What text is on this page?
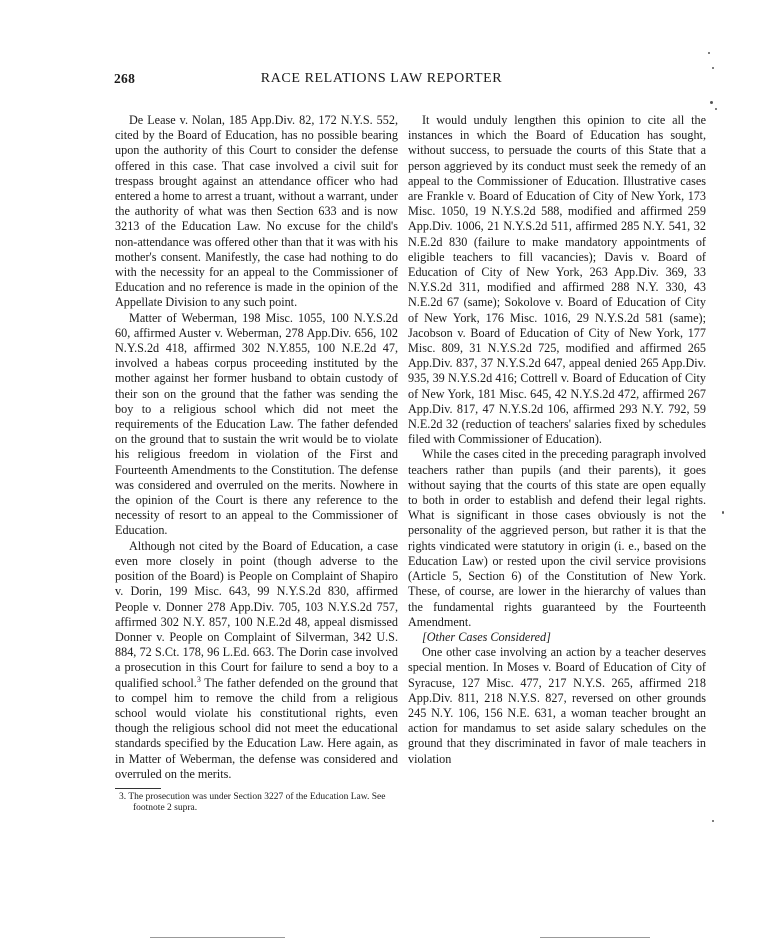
268	RACE RELATIONS LAW REPORTER

De Lease v. Nolan, 185 App.Div. 82, 172 N.Y.S. 552, cited by the Board of Education, has no possible bearing upon the authority of this Court to consider the defense offered in this case. That case involved a civil suit for trespass brought against an attendance officer who had entered a home to arrest a truant, without a warrant, under the authority of what was then Section 633 and is now 3213 of the Education Law. No excuse for the child's non-attendance was offered other than that it was with his mother's consent. Manifestly, the case had nothing to do with the necessity for an appeal to the Commissioner of Education and no reference is made in the opinion of the Appellate Division to any such point.

Matter of Weberman, 198 Misc. 1055, 100 N.Y.S.2d 60, affirmed Auster v. Weberman, 278 App.Div. 656, 102 N.Y.S.2d 418, affirmed 302 N.Y.855, 100 N.E.2d 47, involved a habeas corpus proceeding instituted by the mother against her former husband to obtain custody of their son on the ground that the father was sending the boy to a religious school which did not meet the requirements of the Education Law. The father defended on the ground that to sustain the writ would be to violate his religious freedom in violation of the First and Fourteenth Amendments to the Constitution. The defense was considered and overruled on the merits. Nowhere in the opinion of the Court is there any reference to the necessity of resort to an appeal to the Commissioner of Education.

Although not cited by the Board of Education, a case even more closely in point (though adverse to the position of the Board) is People on Complaint of Shapiro v. Dorin, 199 Misc. 643, 99 N.Y.S.2d 830, affirmed People v. Donner 278 App.Div. 705, 103 N.Y.S.2d 757, affirmed 302 N.Y. 857, 100 N.E.2d 48, appeal dismissed Donner v. People on Complaint of Silverman, 342 U.S. 884, 72 S.Ct. 178, 96 L.Ed. 663. The Dorin case involved a prosecution in this Court for failure to send a boy to a qualified school.$^3$ The father defended on the ground that to compel him to remove the child from a religious school would violate his constitutional rights, even though the religious school did not meet the educational standards specified by the Education Law. Here again, as in Matter of Weberman, the defense was considered and overruled on the merits.

3. The prosecution was under Section 3227 of the Education Law. See footnote 2 supra.

It would unduly lengthen this opinion to cite all the instances in which the Board of Education has sought, without success, to persuade the courts of this State that a person aggrieved by its conduct must seek the remedy of an appeal to the Commissioner of Education. Illustrative cases are Frankle v. Board of Education of City of New York, 173 Misc. 1050, 19 N.Y.S.2d 588, modified and affirmed 259 App.Div. 1006, 21 N.Y.S.2d 511, affirmed 285 N.Y. 541, 32 N.E.2d 830 (failure to make mandatory appointments of eligible teachers to fill vacancies); Davis v. Board of Education of City of New York, 263 App.Div. 369, 33 N.Y.S.2d 311, modified and affirmed 288 N.Y. 330, 43 N.E.2d 67 (same); Sokolove v. Board of Education of City of New York, 176 Misc. 1016, 29 N.Y.S.2d 581 (same); Jacobson v. Board of Education of City of New York, 177 Misc. 809, 31 N.Y.S.2d 725, modified and affirmed 265 App.Div. 837, 37 N.Y.S.2d 647, appeal denied 265 App.Div. 935, 39 N.Y.S.2d 416; Cottrell v. Board of Education of City of New York, 181 Misc. 645, 42 N.Y.S.2d 472, affirmed 267 App.Div. 817, 47 N.Y.S.2d 106, affirmed 293 N.Y. 792, 59 N.E.2d 32 (reduction of teachers' salaries fixed by schedules filed with Commissioner of Education).

While the cases cited in the preceding paragraph involved teachers rather than pupils (and their parents), it goes without saying that the courts of this state are open equally to both in order to establish and defend their legal rights. What is significant in those cases obviously is not the personality of the aggrieved person, but rather it is that the rights vindicated were statutory in origin (i. e., based on the Education Law) or rested upon the civil service provisions (Article 5, Section 6) of the Constitution of New York. These, of course, are lower in the hierarchy of values than the fundamental rights guaranteed by the Fourteenth Amendment.

[Other Cases Considered]

One other case involving an action by a teacher deserves special mention. In Moses v. Board of Education of City of Syracuse, 127 Misc. 477, 217 N.Y.S. 265, affirmed 218 App.Div. 811, 218 N.Y.S. 827, reversed on other grounds 245 N.Y. 106, 156 N.E. 631, a woman teacher brought an action for mandamus to set aside salary schedules on the ground that they discriminated in favor of male teachers in violation
